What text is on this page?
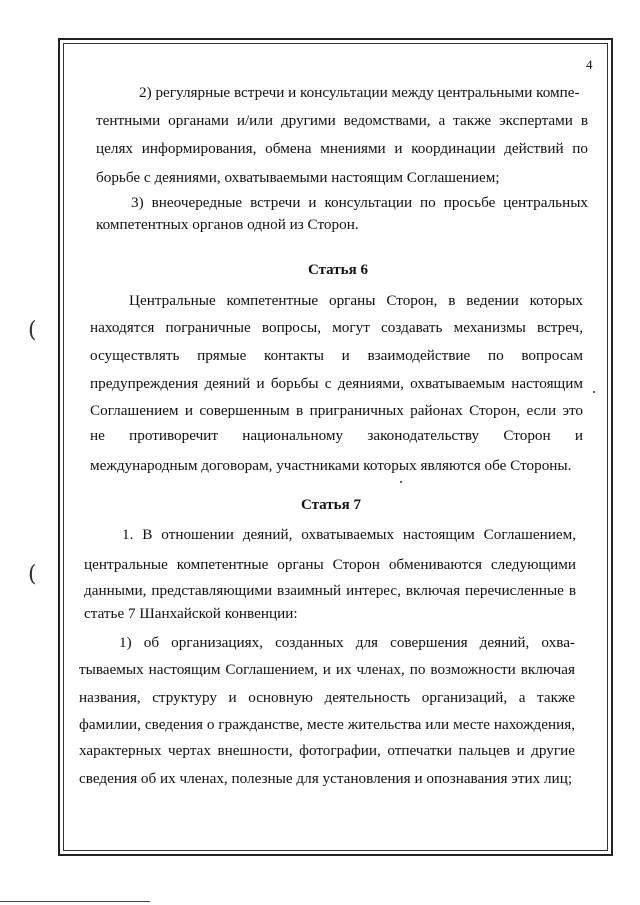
4
2) регулярные встречи и консультации между центральными компе-
тентными органами и/или другими ведомствами, а также экспертами в
целях информирования, обмена мнениями и координации действий по
борьбе с деяниями, охватываемыми настоящим Соглашением;
3) внеочередные встречи и консультации по просьбе центральных
компетентных органов одной из Сторон.
Статья 6
Центральные компетентные органы Сторон, в ведении которых
находятся пограничные вопросы, могут создавать механизмы встреч,
осуществлять прямые контакты и взаимодействие по вопросам
предупреждения деяний и борьбы с деяниями, охватываемым настоящим
Соглашением и совершенным в приграничных районах Сторон, если это
не противоречит национальному законодательству Сторон и
международным договорам, участниками которых являются обе Стороны.
Статья 7
1. В отношении деяний, охватываемых настоящим Соглашением,
центральные компетентные органы Сторон обмениваются следующими
данными, представляющими взаимный интерес, включая перечисленные в
статье 7 Шанхайской конвенции:
1) об организациях, созданных для совершения деяний, охва-
тываемых настоящим Соглашением, и их членах, по возможности включая
названия, структуру и основную деятельность организаций, а также
фамилии, сведения о гражданстве, месте жительства или месте нахождения,
характерных чертах внешности, фотографии, отпечатки пальцев и другие
сведения об их членах, полезные для установления и опознавания этих лиц;
(
(
